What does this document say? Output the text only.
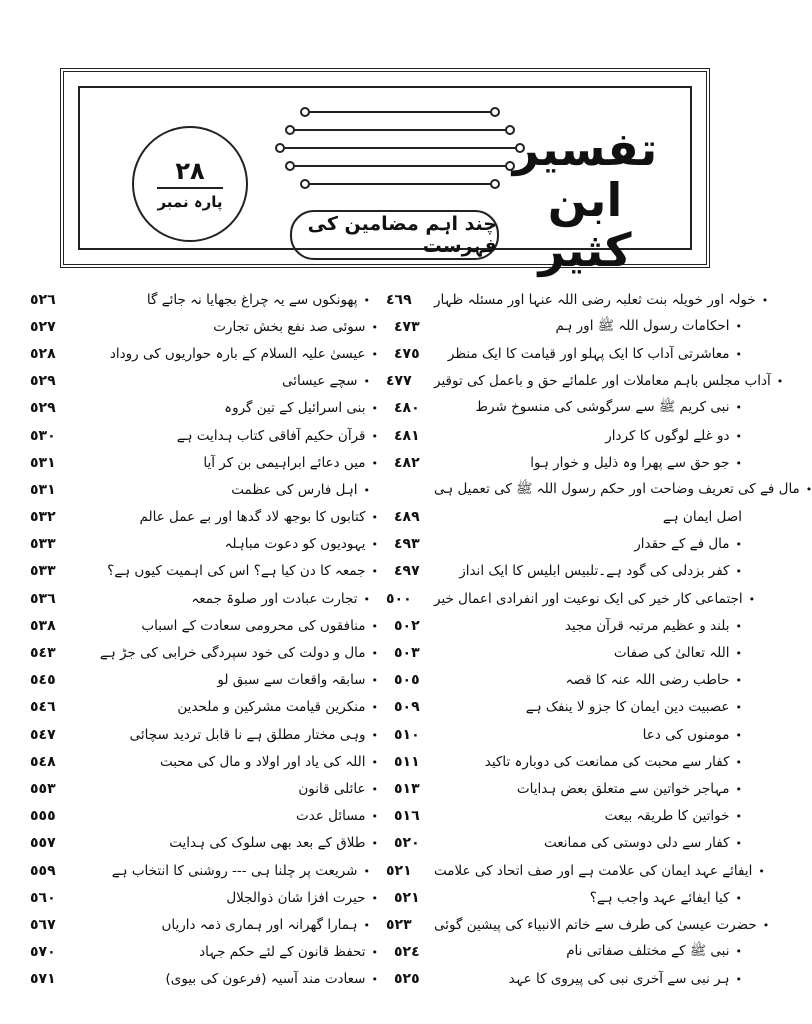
تفسیر ابن کثیر
چند اہم مضامین کی فہرست
٢٨
پارہ نمبر
٥٢٦	•پھونکوں سے یہ چراغ بجھایا نہ جائے گا	٤٦٩	•خولہ اور خویلہ بنت ثعلبہ رضی اللہ عنہا اور مسئلہ ظہار
٥٢٧	•سوئی صد نفع بخش تجارت	٤٧٣	•احکامات رسول اللہ ﷺ اور ہم
٥٢٨	•عیسیٰ علیہ السلام کے بارہ حواریوں کی روداد	٤٧٥	•معاشرتی آداب کا ایک پہلو اور قیامت کا ایک منظر
٥٢٩	•سچے عیسائی	٤٧٧	•آداب مجلس باہم معاملات اور علمائے حق و باعمل کی توقیر
٥٢٩	•بنی اسرائیل کے تین گروہ	٤٨٠	•نبی کریم ﷺ سے سرگوشی کی منسوخ شرط
٥٣٠	•قرآن حکیم آفاقی کتاب ہدایت ہے	٤٨١	•دو غلے لوگوں کا کردار
٥٣١	•میں دعائے ابراہیمی بن کر آیا	٤٨٢	•جو حق سے پھرا وہ ذلیل و خوار ہوا
٥٣١	•اہل فارس کی عظمت	•مال فے کی تعریف وضاحت اور حکم رسول اللہ ﷺ کی تعمیل ہی
٥٣٢	•کتابوں کا بوجھ لاد گدھا اور بے عمل عالم	٤٨٩	اصل ایمان ہے
٥٣٣	•یہودیوں کو دعوت مباہلہ	٤٩٣	•مال فے کے حقدار
٥٣٣	•جمعہ کا دن کیا ہے؟ اس کی اہمیت کیوں ہے؟	٤٩٧	•کفر بزدلی کی گود ہے۔تلبیس ابلیس کا ایک انداز
٥٣٦	•تجارت عبادت اور صلوۃ جمعہ	٥٠٠	•اجتماعی کار خیر کی ایک نوعیت اور انفرادی اعمال خیر
٥٣٨	•منافقوں کی محرومی سعادت کے اسباب	٥٠٢	•بلند و عظیم مرتبہ قرآن مجید
٥٤٣	•مال و دولت کی خود سپردگی خرابی کی جڑ ہے	٥٠٣	•اللہ تعالیٰ کی صفات
٥٤٥	•سابقہ واقعات سے سبق لو	٥٠٥	•حاطب رضی اللہ عنہ کا قصہ
٥٤٦	•منکرین قیامت مشرکین و ملحدین	٥٠٩	•عصبیت دین ایمان کا جزو لا ینفک ہے
٥٤٧	•وہی مختار مطلق ہے نا قابل تردید سچائی	٥١٠	•مومنوں کی دعا
٥٤٨	•اللہ کی یاد اور اولاد و مال کی محبت	٥١١	•کفار سے محبت کی ممانعت کی دوبارہ تاکید
٥٥٣	•عائلی قانون	٥١٣	•مہاجر خواتین سے متعلق بعض ہدایات
٥٥٥	•مسائل عدت	٥١٦	•خواتین کا طریقہ بیعت
٥٥٧	•طلاق کے بعد بھی سلوک کی ہدایت	٥٢٠	•کفار سے دلی دوستی کی ممانعت
٥٥٩	•شریعت پر چلنا ہی --- روشنی کا انتخاب ہے	٥٢١	•ایفائے عہد ایمان کی علامت ہے اور صف اتحاد کی علامت
٥٦٠	•حیرت افزا شان ذوالجلال	٥٢١	•کیا ایفائے عہد واجب ہے؟
٥٦٧	•ہمارا گھرانہ اور ہماری ذمہ داریاں	٥٢٣	•حضرت عیسیٰ کی طرف سے خاتم الانبیاء کی پیشین گوئی
٥٧٠	•تحفظ قانون کے لئے حکم جہاد	٥٢٤	•نبی ﷺ کے مختلف صفاتی نام
٥٧١	•سعادت مند آسیہ (فرعون کی بیوی)	٥٢٥	•ہر نبی سے آخری نبی کی پیروی کا عہد
